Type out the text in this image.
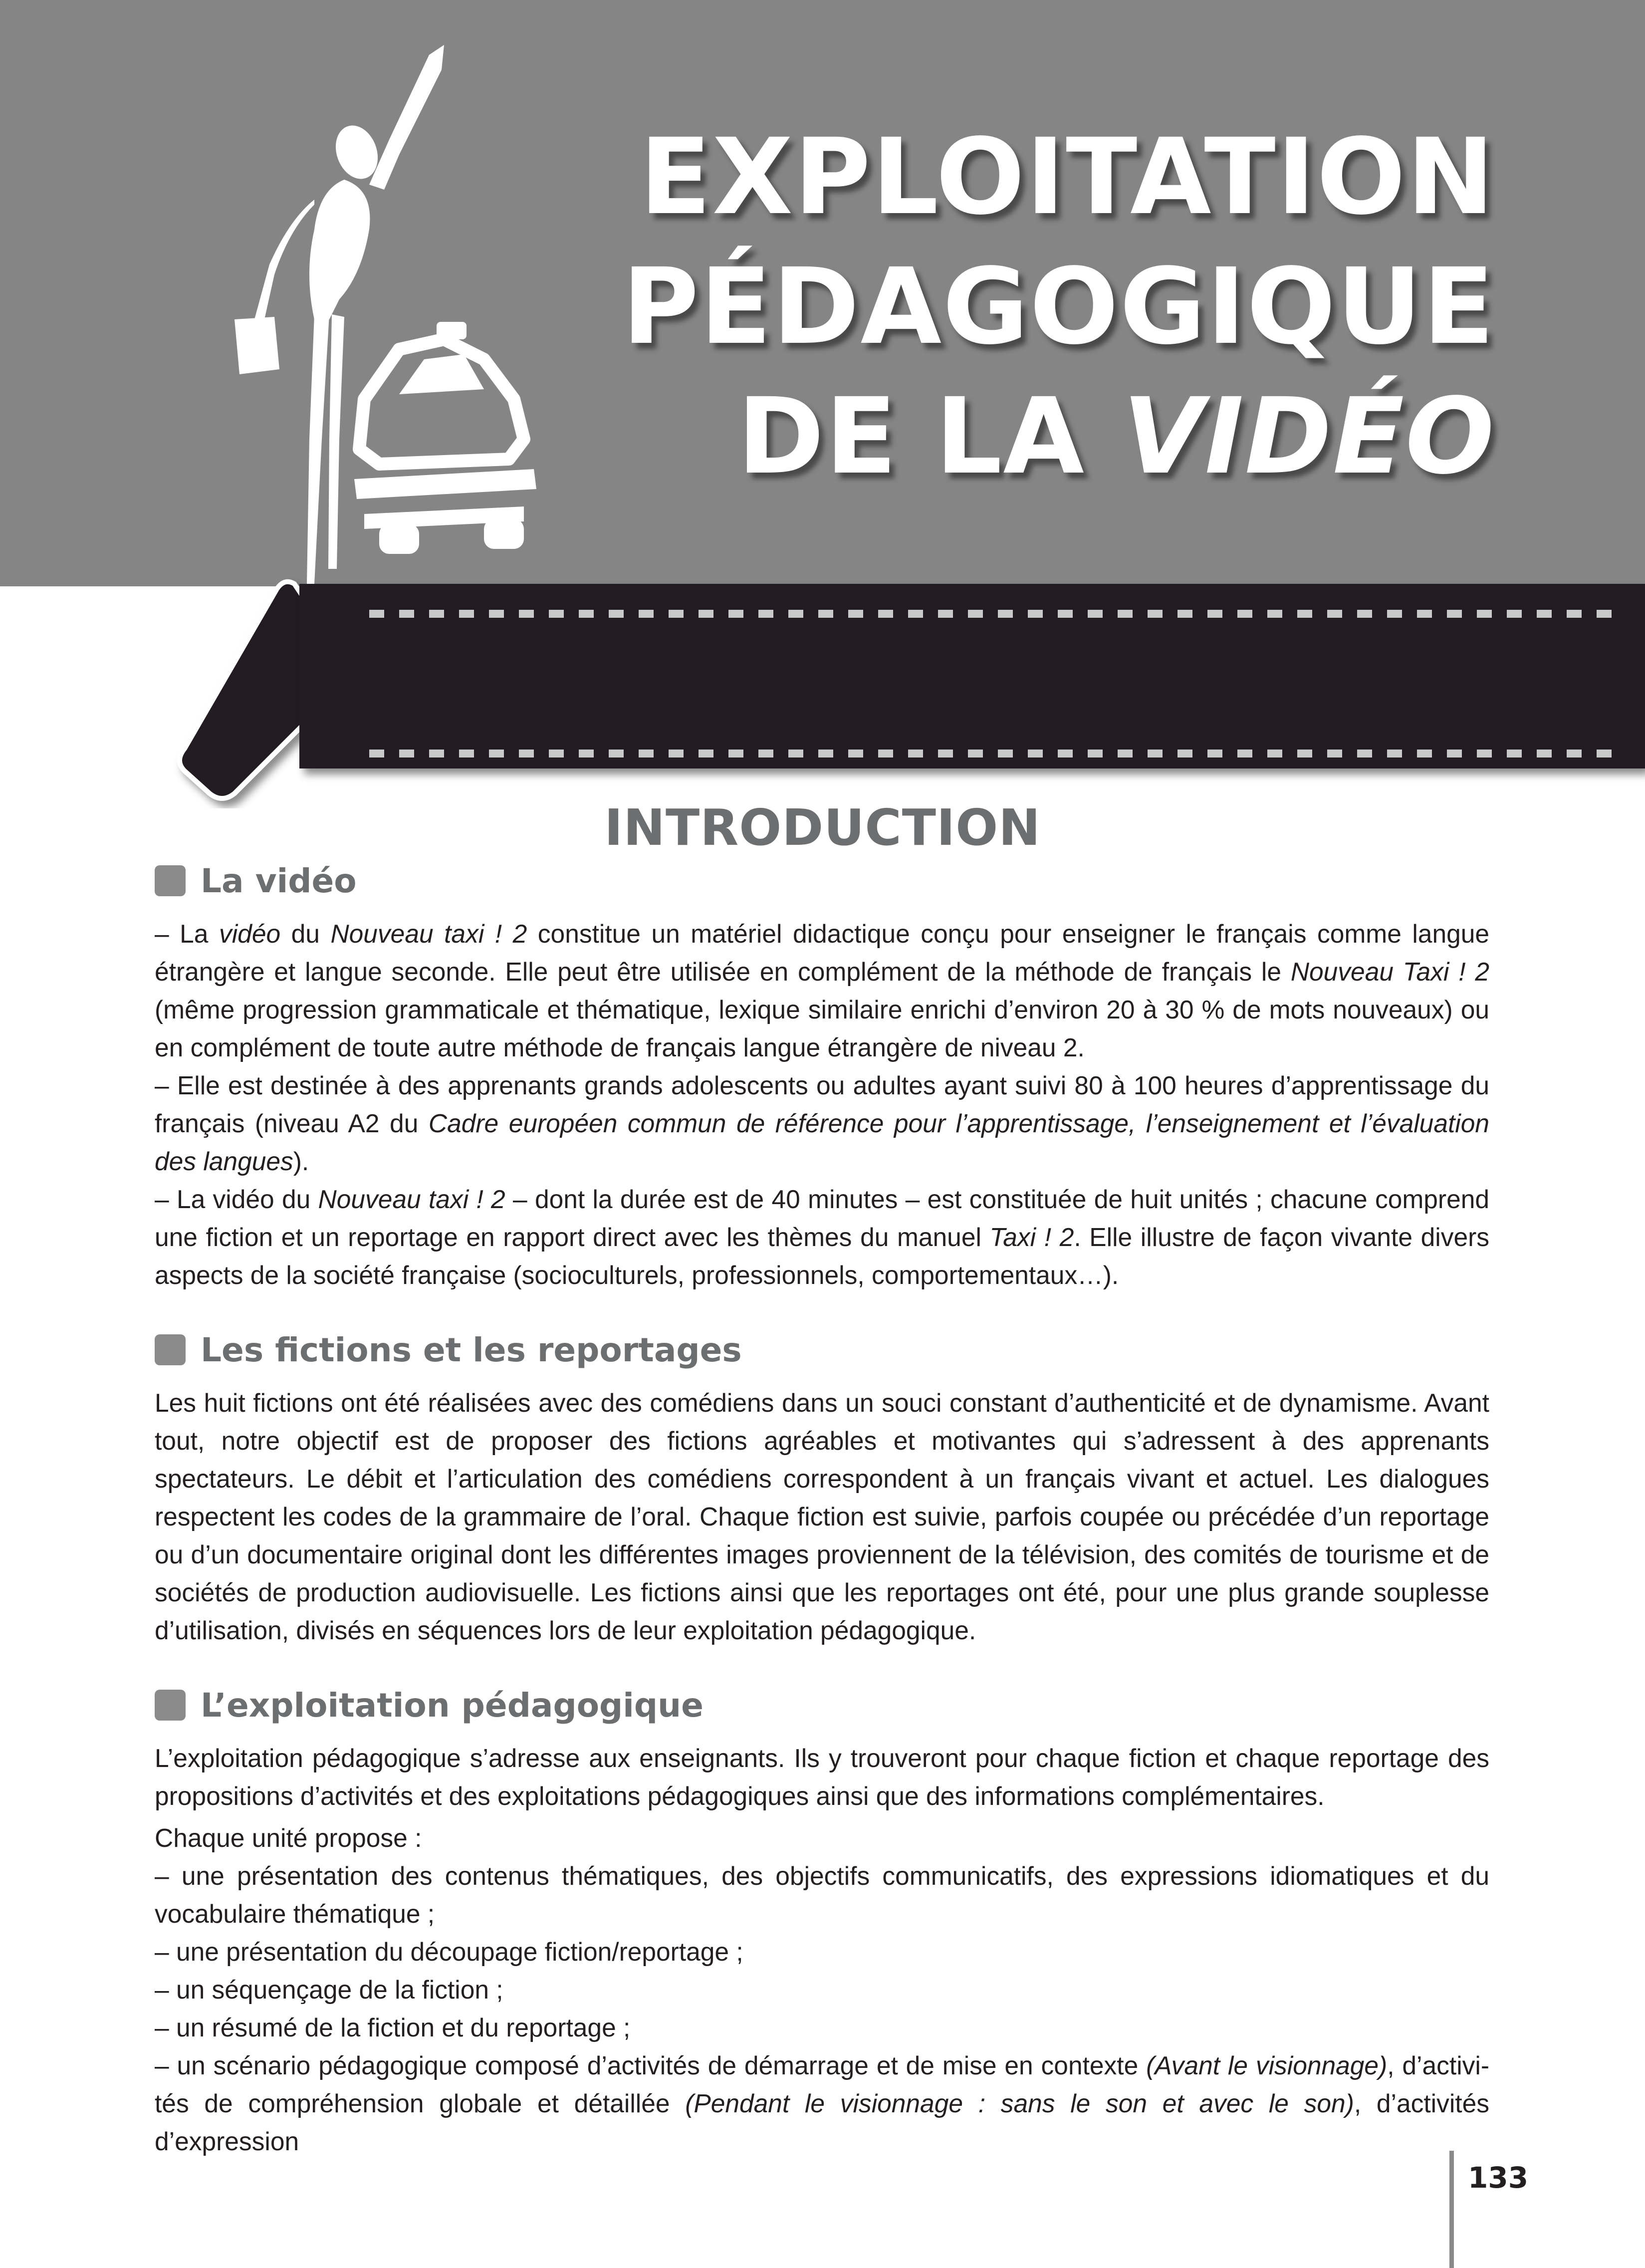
EXPLOITATION
PÉDAGOGIQUE
DE LA VIDÉO
INTRODUCTION
La vidéo

– La vidéo du Nouveau taxi ! 2 constitue un matériel didactique conçu pour enseigner le français comme langue étrangère et langue seconde. Elle peut être utilisée en complément de la méthode de français le Nouveau Taxi ! 2 (même progression grammaticale et thématique, lexique similaire enrichi d’environ 20 à 30 % de mots nouveaux) ou en complément de toute autre méthode de français langue étrangère de niveau 2.

– Elle est destinée à des apprenants grands adolescents ou adultes ayant suivi 80 à 100 heures d’apprentissage du français (niveau A2 du Cadre européen commun de référence pour l’apprentissage, l’enseignement et l’évaluation des langues).

– La vidéo du Nouveau taxi ! 2 – dont la durée est de 40 minutes – est constituée de huit unités ; chacune comprend une fiction et un reportage en rapport direct avec les thèmes du manuel Taxi ! 2. Elle illustre de façon vivante divers aspects de la société française (socioculturels, professionnels, comportementaux…).

Les fictions et les reportages

Les huit fictions ont été réalisées avec des comédiens dans un souci constant d’authenticité et de dynamisme. Avant tout, notre objectif est de proposer des fictions agréables et motivantes qui s’adressent à des apprenants spectateurs. Le débit et l’articulation des comédiens correspondent à un français vivant et actuel. Les dialogues respectent les codes de la grammaire de l’oral. Chaque fiction est suivie, parfois coupée ou précédée d’un reportage ou d’un documentaire original dont les différentes images proviennent de la télévision, des comités de tourisme et de sociétés de production audiovisuelle. Les fictions ainsi que les reportages ont été, pour une plus grande souplesse d’utilisation, divisés en séquences lors de leur exploitation pédagogique.

L’exploitation pédagogique

L’exploitation pédagogique s’adresse aux enseignants. Ils y trouveront pour chaque fiction et chaque reportage des propositions d’activités et des exploitations pédagogiques ainsi que des informations complémentaires.

Chaque unité propose :

– une présentation des contenus thématiques, des objectifs communicatifs, des expressions idiomatiques et du vocabulaire thématique ;

– une présentation du découpage fiction/reportage ;

– un séquençage de la fiction ;

– un résumé de la fiction et du reportage ;

– un scénario pédagogique composé d’activités de démarrage et de mise en contexte (Avant le visionnage), d’activités de compréhension globale et détaillée (Pendant le visionnage : sans le son et avec le son), d’activités d’expression

133
